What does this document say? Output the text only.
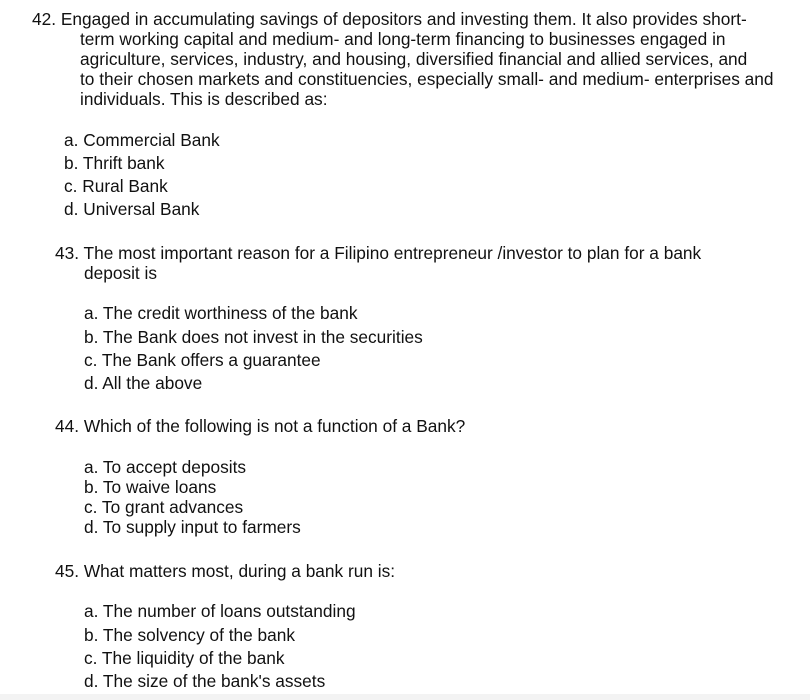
42. Engaged in accumulating savings of depositors and investing them. It also provides short-
term working capital and medium- and long-term financing to businesses engaged in
agriculture, services, industry, and housing, diversified financial and allied services, and
to their chosen markets and constituencies, especially small- and medium- enterprises and
individuals. This is described as:
a. Commercial Bank
b. Thrift bank
c. Rural Bank
d. Universal Bank
43. The most important reason for a Filipino entrepreneur /investor to plan for a bank
deposit is
a. The credit worthiness of the bank
b. The Bank does not invest in the securities
c. The Bank offers a guarantee
d. All the above
44. Which of the following is not a function of a Bank?
a. To accept deposits
b. To waive loans
c. To grant advances
d. To supply input to farmers
45. What matters most, during a bank run is:
a. The number of loans outstanding
b. The solvency of the bank
c. The liquidity of the bank
d. The size of the bank's assets
